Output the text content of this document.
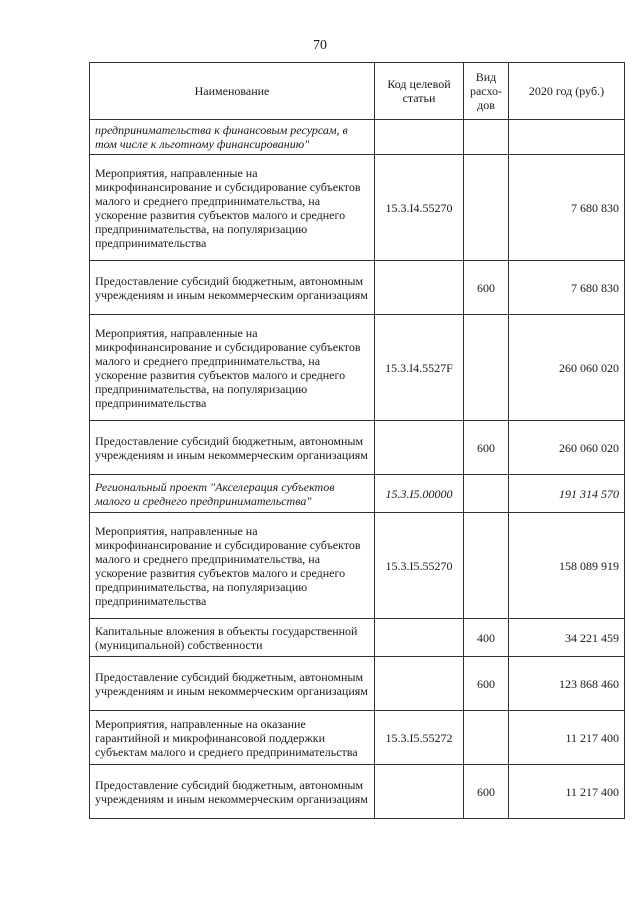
70
Наименование	Код целевой статьи	Вид расхо-дов	2020 год (руб.)
предпринимательства к финансовым ресурсам, в том числе к льготному финансированию"			
Мероприятия, направленные на микрофинансирование и субсидирование субъектов малого и среднего предпринимательства, на ускорение развития субъектов малого и среднего предпринимательства, на популяризацию предпринимательства	15.3.I4.55270		7 680 830
Предоставление субсидий бюджетным, автономным учреждениям и иным некоммерческим организациям		600	7 680 830
Мероприятия, направленные на микрофинансирование и субсидирование субъектов малого и среднего предпринимательства, на ускорение развития субъектов малого и среднего предпринимательства, на популяризацию предпринимательства	15.3.I4.5527F		260 060 020
Предоставление субсидий бюджетным, автономным учреждениям и иным некоммерческим организациям		600	260 060 020
Региональный проект "Акселерация субъектов малого и среднего предпринимательства"	15.3.I5.00000		191 314 570
Мероприятия, направленные на микрофинансирование и субсидирование субъектов малого и среднего предпринимательства, на ускорение развития субъектов малого и среднего предпринимательства, на популяризацию предпринимательства	15.3.I5.55270		158 089 919
Капитальные вложения в объекты государственной (муниципальной) собственности		400	34 221 459
Предоставление субсидий бюджетным, автономным учреждениям и иным некоммерческим организациям		600	123 868 460
Мероприятия, направленные на оказание гарантийной и микрофинансовой поддержки субъектам малого и среднего предпринимательства	15.3.I5.55272		11 217 400
Предоставление субсидий бюджетным, автономным учреждениям и иным некоммерческим организациям		600	11 217 400
